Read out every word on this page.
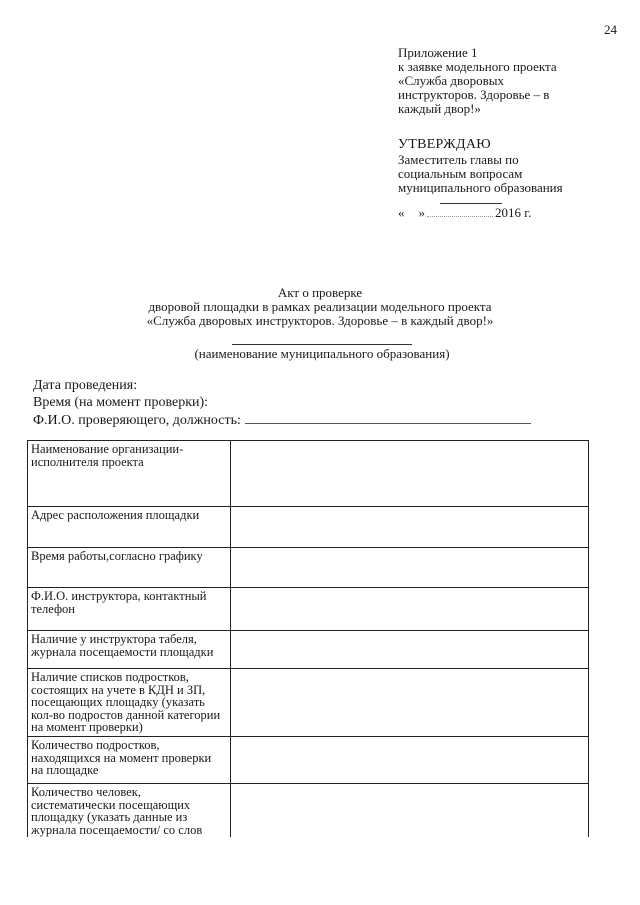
24
Приложение 1
к заявке модельного проекта
«Служба дворовых
инструкторов. Здоровье – в
каждый двор!»
УТВЕРЖДАЮ
Заместитель главы по
социальным вопросам
муниципального образования
« »	2016 г.
Акт о проверке
дворовой площадки в рамках реализации модельного проекта
«Служба дворовых инструкторов. Здоровье – в каждый двор!»
(наименование муниципального образования)
Дата проведения:
Время (на момент проверки):
Ф.И.О. проверяющего, должность:
Наименование организации-исполнителя проекта	
Адрес расположения площадки	
Время работы,согласно графику	
Ф.И.О. инструктора, контактный телефон	
Наличие у инструктора табеля, журнала посещаемости площадки	
Наличие списков подростков, состоящих на учете в КДН и ЗП, посещающих площадку (указать кол-во подростов данной категории на момент проверки)	
Количество подростков, находящихся на момент проверки на площадке	
Количество человек, систематически посещающих площадку (указать данные из журнала посещаемости/ со слов	
